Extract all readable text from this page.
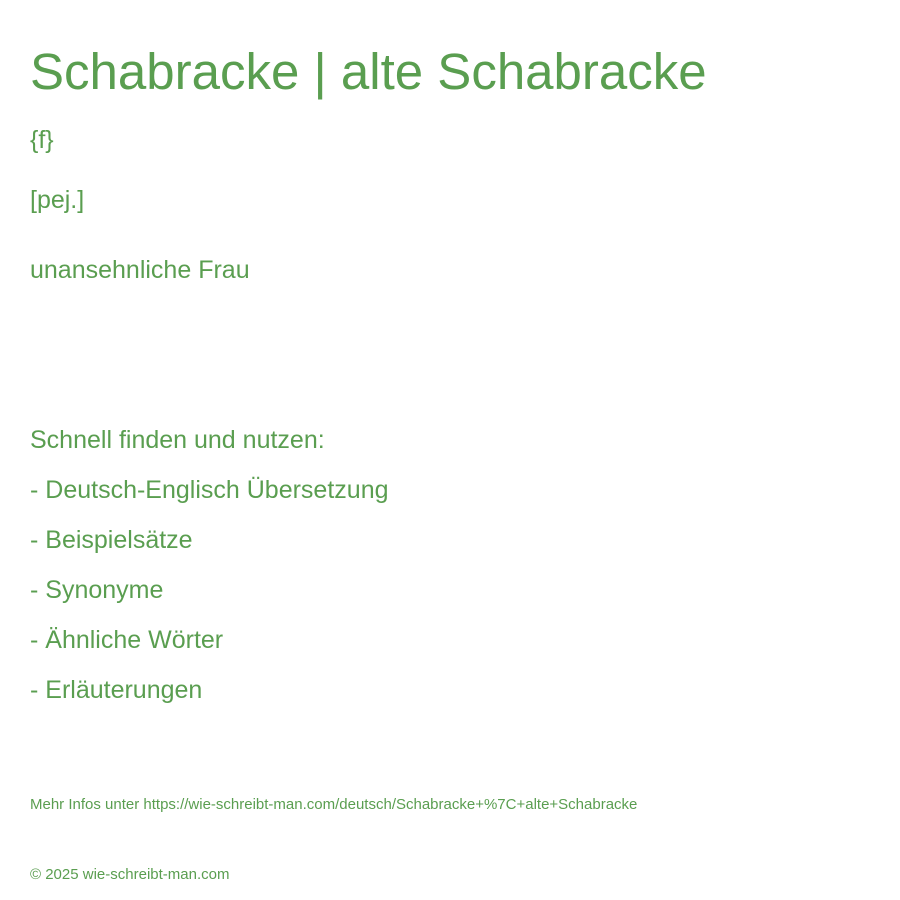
Schabracke | alte Schabracke
{f}
[pej.]
unansehnliche Frau
Schnell finden und nutzen:
- Deutsch-Englisch Übersetzung
- Beispielsätze
- Synonyme
- Ähnliche Wörter
- Erläuterungen
Mehr Infos unter https://wie-schreibt-man.com/deutsch/Schabracke+%7C+alte+Schabracke
© 2025 wie-schreibt-man.com
